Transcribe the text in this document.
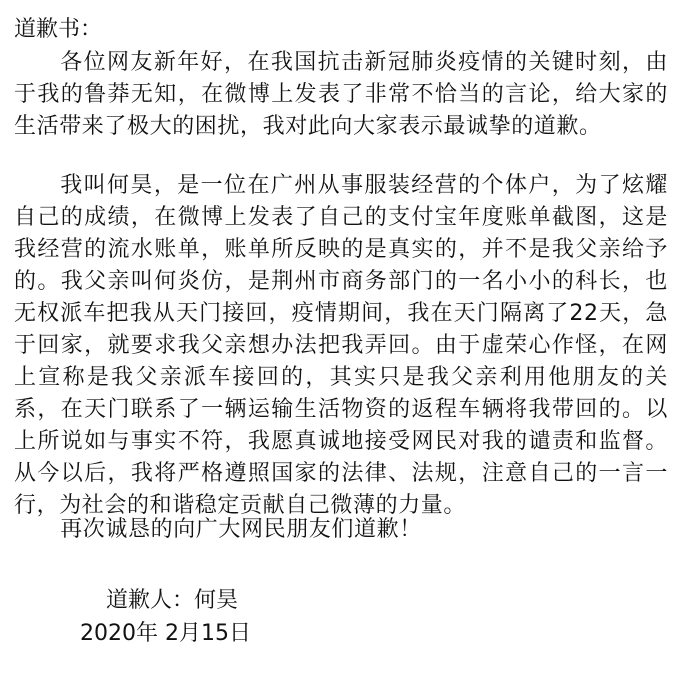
道歉书：

各位网友新年好，在我国抗击新冠肺炎疫情的关键时刻，由于我的鲁莽无知，在微博上发表了非常不恰当的言论，给大家的生活带来了极大的困扰，我对此向大家表示最诚挚的道歉。

我叫何昊，是一位在广州从事服装经营的个体户，为了炫耀自己的成绩，在微博上发表了自己的支付宝年度账单截图，这是我经营的流水账单，账单所反映的是真实的，并不是我父亲给予的。我父亲叫何炎仿，是荆州市商务部门的一名小小的科长，也无权派车把我从天门接回，疫情期间，我在天门隔离了22天，急于回家，就要求我父亲想办法把我弄回。由于虚荣心作怪，在网上宣称是我父亲派车接回的，其实只是我父亲利用他朋友的关系，在天门联系了一辆运输生活物资的返程车辆将我带回的。以上所说如与事实不符，我愿真诚地接受网民对我的谴责和监督。从今以后，我将严格遵照国家的法律、法规，注意自己的一言一行，为社会的和谐稳定贡献自己微薄的力量。

再次诚恳的向广大网民朋友们道歉！

道歉人：何昊

2020年 2月15日
